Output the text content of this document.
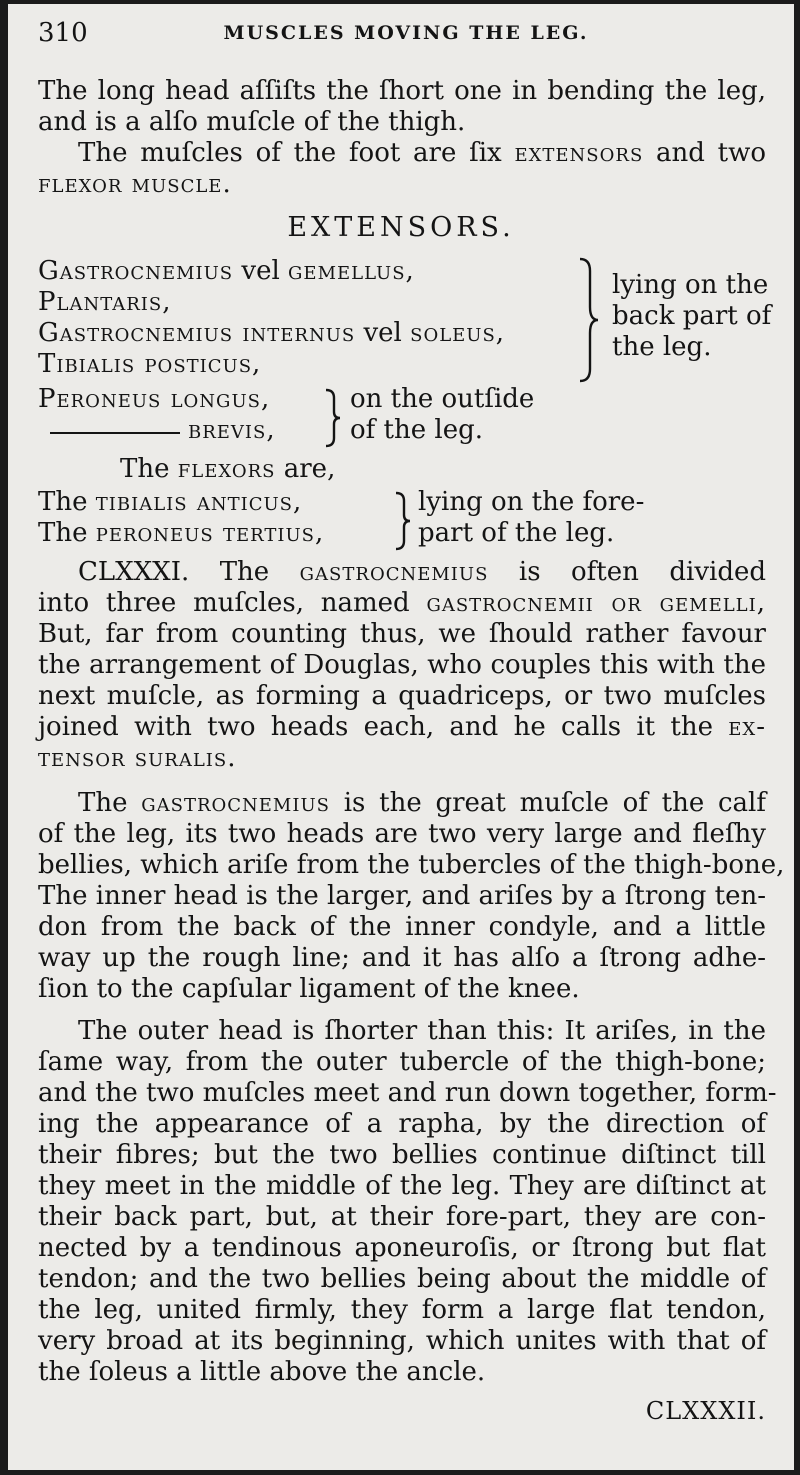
310	MUSCLES MOVING THE LEG.
The long head aſſiſts the ſhort one in bending the leg,
and is a alſo muſcle of the thigh.
The muſcles of the foot are ſix extensors and two
flexor muscle.
EXTENSORS.
Gastrocnemius vel gemellus,
Plantaris,
Gastrocnemius internus vel soleus,
Tibialis posticus,
lying on the
back part of
the leg.
Peroneus longus,
brevis,
on the outſide
of the leg.
The flexors are,
The tibialis anticus,
The peroneus tertius,
lying on the fore-
part of the leg.
CLXXXI. The gastrocnemius is often divided
into three muſcles, named gastrocnemii or gemelli,
But, far from counting thus, we ſhould rather favour
the arrangement of Douglas, who couples this with the
next muſcle, as forming a quadriceps, or two muſcles
joined with two heads each, and he calls it the ex-
tensor suralis.
The gastrocnemius is the great muſcle of the calf
of the leg, its two heads are two very large and fleſhy
bellies, which ariſe from the tubercles of the thigh-bone,
The inner head is the larger, and ariſes by a ſtrong ten-
don from the back of the inner condyle, and a little
way up the rough line; and it has alſo a ſtrong adhe-
ſion to the capſular ligament of the knee.
The outer head is ſhorter than this: It ariſes, in the
ſame way, from the outer tubercle of the thigh-bone;
and the two muſcles meet and run down together, form-
ing the appearance of a rapha, by the direction of
their fibres; but the two bellies continue diſtinct till
they meet in the middle of the leg. They are diſtinct at
their back part, but, at their fore-part, they are con-
nected by a tendinous aponeuroſis, or ſtrong but flat
tendon; and the two bellies being about the middle of
the leg, united firmly, they form a large flat tendon,
very broad at its beginning, which unites with that of
the ſoleus a little above the ancle.
CLXXXII.
